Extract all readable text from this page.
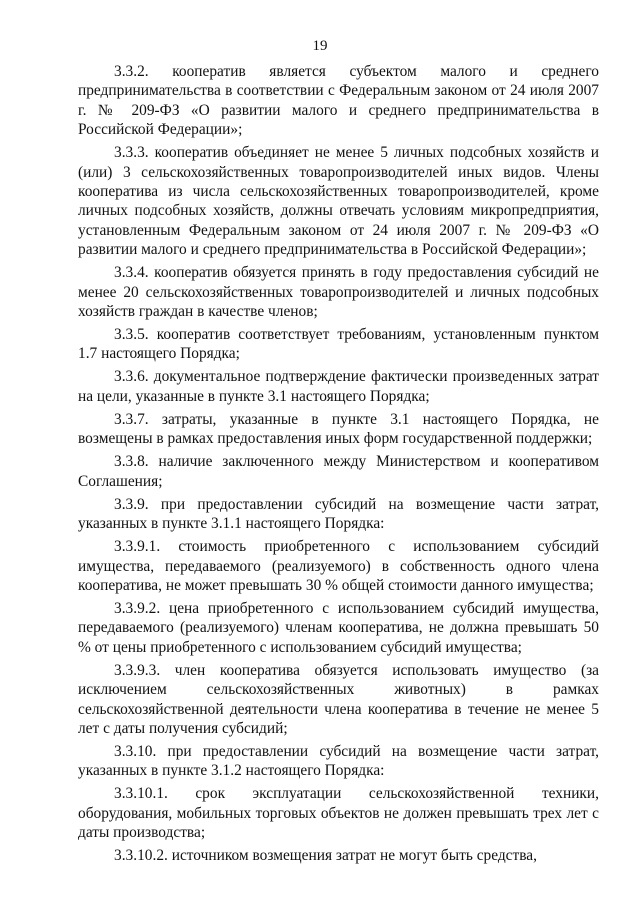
19

3.3.2. кооператив является субъектом малого и среднего предпринимательства в соответствии с Федеральным законом от 24 июля 2007 г. № 209-ФЗ «О развитии малого и среднего предпринимательства в Российской Федерации»;

3.3.3. кооператив объединяет не менее 5 личных подсобных хозяйств и (или) 3 сельскохозяйственных товаропроизводителей иных видов. Члены кооператива из числа сельскохозяйственных товаропроизводителей, кроме личных подсобных хозяйств, должны отвечать условиям микропредприятия, установленным Федеральным законом от 24 июля 2007 г. № 209-ФЗ «О развитии малого и среднего предпринимательства в Российской Федерации»;

3.3.4. кооператив обязуется принять в году предоставления субсидий не менее 20 сельскохозяйственных товаропроизводителей и личных подсобных хозяйств граждан в качестве членов;

3.3.5. кооператив соответствует требованиям, установленным пунктом 1.7 настоящего Порядка;

3.3.6. документальное подтверждение фактически произведенных затрат на цели, указанные в пункте 3.1 настоящего Порядка;

3.3.7. затраты, указанные в пункте 3.1 настоящего Порядка, не возмещены в рамках предоставления иных форм государственной поддержки;

3.3.8. наличие заключенного между Министерством и кооперативом Соглашения;

3.3.9. при предоставлении субсидий на возмещение части затрат, указанных в пункте 3.1.1 настоящего Порядка:

3.3.9.1. стоимость приобретенного с использованием субсидий имущества, передаваемого (реализуемого) в собственность одного члена кооператива, не может превышать 30 % общей стоимости данного имущества;

3.3.9.2. цена приобретенного с использованием субсидий имущества, передаваемого (реализуемого) членам кооператива, не должна превышать 50 % от цены приобретенного с использованием субсидий имущества;

3.3.9.3. член кооператива обязуется использовать имущество (за исключением сельскохозяйственных животных) в рамках сельскохозяйственной деятельности члена кооператива в течение не менее 5 лет с даты получения субсидий;

3.3.10. при предоставлении субсидий на возмещение части затрат, указанных в пункте 3.1.2 настоящего Порядка:

3.3.10.1. срок эксплуатации сельскохозяйственной техники, оборудования, мобильных торговых объектов не должен превышать трех лет с даты производства;

3.3.10.2. источником возмещения затрат не могут быть средства,
